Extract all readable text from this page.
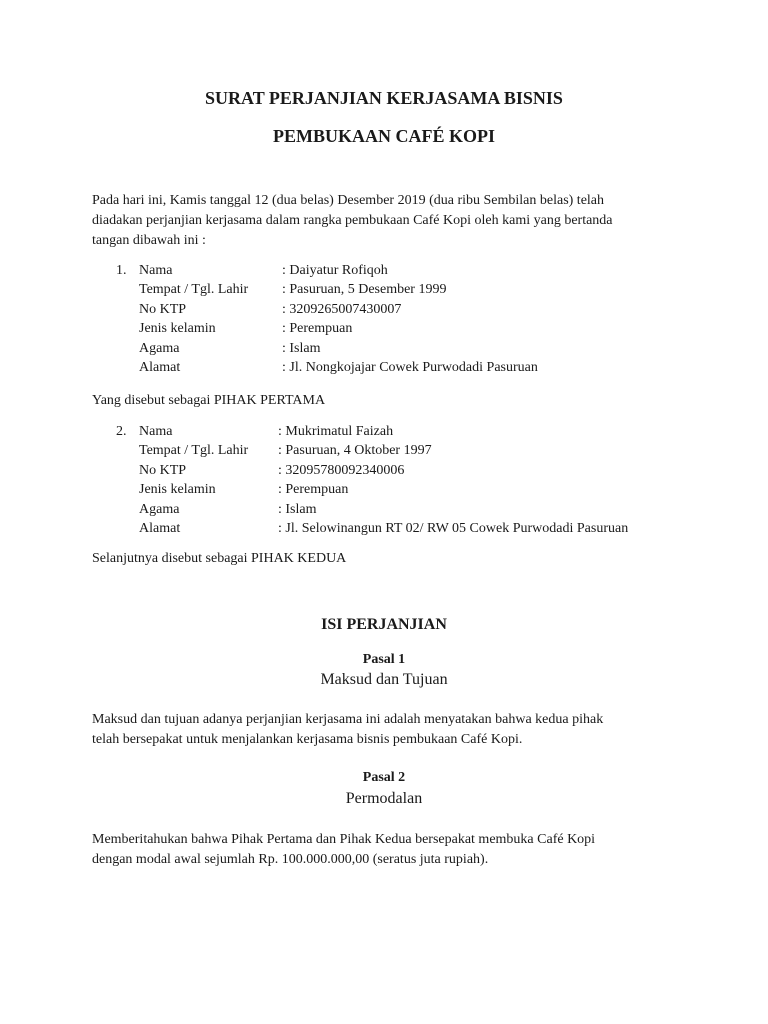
SURAT PERJANJIAN KERJASAMA BISNIS

PEMBUKAAN CAFÉ KOPI

Pada hari ini, Kamis tanggal 12 (dua belas) Desember 2019 (dua ribu Sembilan belas) telah
diadakan perjanjian kerjasama dalam rangka pembukaan Café Kopi oleh kami yang bertanda
tangan dibawah ini :
1. Nama	: Daiyatur Rofiqoh
Tempat / Tgl. Lahir : Pasuruan, 5 Desember 1999
No KTP	: 3209265007430007
Jenis kelamin	: Perempuan
Agama	: Islam
Alamat	: Jl. Nongkojajar Cowek Purwodadi Pasuruan

Yang disebut sebagai PIHAK PERTAMA

2. Nama	: Mukrimatul Faizah
Tempat / Tgl. Lahir : Pasuruan, 4 Oktober 1997
No KTP	: 32095780092340006
Jenis kelamin	: Perempuan
Agama	: Islam
Alamat	: Jl. Selowinangun RT 02/ RW 05 Cowek Purwodadi Pasuruan

Selanjutnya disebut sebagai PIHAK KEDUA

ISI PERJANJIAN

Pasal 1

Maksud dan Tujuan

Maksud dan tujuan adanya perjanjian kerjasama ini adalah menyatakan bahwa kedua pihak
telah bersepakat untuk menjalankan kerjasama bisnis pembukaan Café Kopi.

Pasal 2

Permodalan

Memberitahukan bahwa Pihak Pertama dan Pihak Kedua bersepakat membuka Café Kopi
dengan modal awal sejumlah Rp. 100.000.000,00 (seratus juta rupiah).
